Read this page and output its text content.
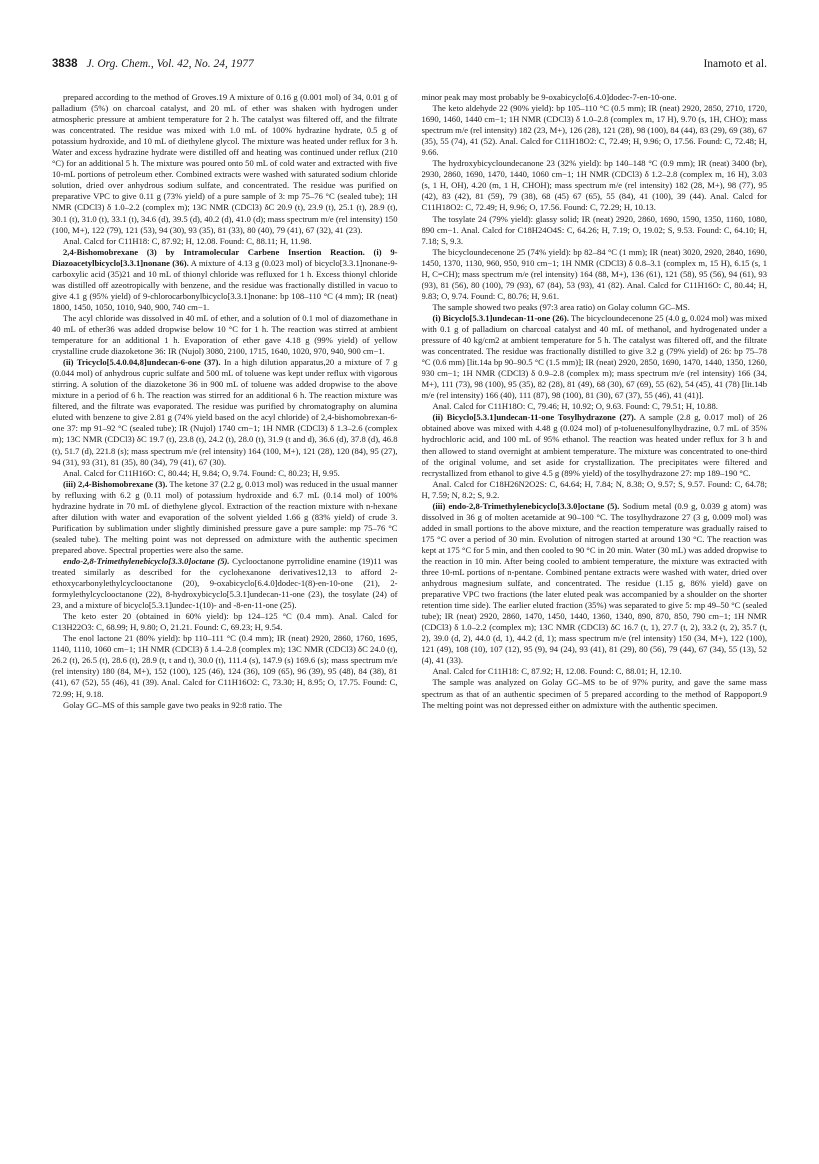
3838 J. Org. Chem., Vol. 42, No. 24, 1977	Inamoto et al.

prepared according to the method of Groves.19 A mixture of 0.16 g (0.001 mol) of 34, 0.01 g of palladium (5%) on charcoal catalyst, and 20 mL of ether was shaken with hydrogen under atmospheric pressure at ambient temperature for 2 h. The catalyst was filtered off, and the filtrate was concentrated. The residue was mixed with 1.0 mL of 100% hydrazine hydrate, 0.5 g of potassium hydroxide, and 10 mL of diethylene glycol. The mixture was heated under reflux for 3 h. Water and excess hydrazine hydrate were distilled off and heating was continued under reflux (210 °C) for an additional 5 h. The mixture was poured onto 50 mL of cold water and extracted with five 10-mL portions of petroleum ether. Combined extracts were washed with saturated sodium chloride solution, dried over anhydrous sodium sulfate, and concentrated. The residue was purified on preparative VPC to give 0.11 g (73% yield) of a pure sample of 3: mp 75–76 °C (sealed tube); 1H NMR (CDCl3) δ 1.0–2.2 (complex m); 13C NMR (CDCl3) δC 20.9 (t), 23.9 (t), 25.1 (t), 28.9 (t), 30.1 (t), 31.0 (t), 33.1 (t), 34.6 (d), 39.5 (d), 40.2 (d), 41.0 (d); mass spectrum m/e (rel intensity) 150 (100, M+), 122 (79), 121 (53), 94 (30), 93 (35), 81 (33), 80 (40), 79 (41), 67 (32), 41 (23).

Anal. Calcd for C11H18: C, 87.92; H, 12.08. Found: C, 88.11; H, 11.98.

2,4-Bishomobrexane (3) by Intramolecular Carbene Insertion Reaction. (i) 9-Diazoacetylbicyclo[3.3.1]nonane (36). A mixture of 4.13 g (0.023 mol) of bicyclo[3.3.1]nonane-9-carboxylic acid (35)21 and 10 mL of thionyl chloride was refluxed for 1 h. Excess thionyl chloride was distilled off azeotropically with benzene, and the residue was fractionally distilled in vacuo to give 4.1 g (95% yield) of 9-chlorocarbonylbicyclo[3.3.1]nonane: bp 108–110 °C (4 mm); IR (neat) 1800, 1450, 1050, 1010, 940, 900, 740 cm−1.

The acyl chloride was dissolved in 40 mL of ether, and a solution of 0.1 mol of diazomethane in 40 mL of ether36 was added dropwise below 10 °C for 1 h. The reaction was stirred at ambient temperature for an additional 1 h. Evaporation of ether gave 4.18 g (99% yield) of yellow crystalline crude diazoketone 36: IR (Nujol) 3080, 2100, 1715, 1640, 1020, 970, 940, 900 cm−1.

(ii) Tricyclo[5.4.0.04,8]undecan-6-one (37). In a high dilution apparatus,20 a mixture of 7 g (0.044 mol) of anhydrous cupric sulfate and 500 mL of toluene was kept under reflux with vigorous stirring. A solution of the diazoketone 36 in 900 mL of toluene was added dropwise to the above mixture in a period of 6 h. The reaction was stirred for an additional 6 h. The reaction mixture was filtered, and the filtrate was evaporated. The residue was purified by chromatography on alumina eluted with benzene to give 2.81 g (74% yield based on the acyl chloride) of 2,4-bishomobrexan-6-one 37: mp 91–92 °C (sealed tube); IR (Nujol) 1740 cm−1; 1H NMR (CDCl3) δ 1.3–2.6 (complex m); 13C NMR (CDCl3) δC 19.7 (t), 23.8 (t), 24.2 (t), 28.0 (t), 31.9 (t and d), 36.6 (d), 37.8 (d), 46.8 (t), 51.7 (d), 221.8 (s); mass spectrum m/e (rel intensity) 164 (100, M+), 121 (28), 120 (84), 95 (27), 94 (31), 93 (31), 81 (35), 80 (34), 79 (41), 67 (30).

Anal. Calcd for C11H16O: C, 80.44; H, 9.84; O, 9.74. Found: C, 80.23; H, 9.95.

(iii) 2,4-Bishomobrexane (3). The ketone 37 (2.2 g, 0.013 mol) was reduced in the usual manner by refluxing with 6.2 g (0.11 mol) of potassium hydroxide and 6.7 mL (0.14 mol) of 100% hydrazine hydrate in 70 mL of diethylene glycol. Extraction of the reaction mixture with n-hexane after dilution with water and evaporation of the solvent yielded 1.66 g (83% yield) of crude 3. Purification by sublimation under slightly diminished pressure gave a pure sample: mp 75–76 °C (sealed tube). The melting point was not depressed on admixture with the authentic specimen prepared above. Spectral properties were also the same.

endo-2,8-Trimethylenebicyclo[3.3.0]octane (5). Cyclooctanone pyrrolidine enamine (19)11 was treated similarly as described for the cyclohexanone derivatives12,13 to afford 2-ethoxycarbonylethylcyclooctanone (20), 9-oxabicyclo[6.4.0]dodec-1(8)-en-10-one (21), 2-formylethylcyclooctanone (22), 8-hydroxybicyclo[5.3.1]undecan-11-one (23), the tosylate (24) of 23, and a mixture of bicyclo[5.3.1]undec-1(10)- and -8-en-11-one (25).

The keto ester 20 (obtained in 60% yield): bp 124–125 °C (0.4 mm). Anal. Calcd for C13H22O3: C, 68.99; H, 9.80; O, 21.21. Found: C, 69.23; H, 9.54.

The enol lactone 21 (80% yield): bp 110–111 °C (0.4 mm); IR (neat) 2920, 2860, 1760, 1695, 1140, 1110, 1060 cm−1; 1H NMR (CDCl3) δ 1.4–2.8 (complex m); 13C NMR (CDCl3) δC 24.0 (t), 26.2 (t), 26.5 (t), 28.6 (t), 28.9 (t, t and t), 30.0 (t), 111.4 (s), 147.9 (s) 169.6 (s); mass spectrum m/e (rel intensity) 180 (84, M+), 152 (100), 125 (46), 124 (36), 109 (65), 96 (39), 95 (48), 84 (38), 81 (41), 67 (52), 55 (46), 41 (39). Anal. Calcd for C11H16O2: C, 73.30; H, 8.95; O, 17.75. Found: C, 72.99; H, 9.18.

Golay GC–MS of this sample gave two peaks in 92:8 ratio. The

minor peak may most probably be 9-oxabicyclo[6.4.0]dodec-7-en-10-one.

The keto aldehyde 22 (90% yield): bp 105–110 °C (0.5 mm); IR (neat) 2920, 2850, 2710, 1720, 1690, 1460, 1440 cm−1; 1H NMR (CDCl3) δ 1.0–2.8 (complex m, 17 H), 9.70 (s, 1H, CHO); mass spectrum m/e (rel intensity) 182 (23, M+), 126 (28), 121 (28), 98 (100), 84 (44), 83 (29), 69 (38), 67 (35), 55 (74), 41 (52). Anal. Calcd for C11H18O2: C, 72.49; H, 9.96; O, 17.56. Found: C, 72.48; H, 9.66.

The hydroxybicycloundecanone 23 (32% yield): bp 140–148 °C (0.9 mm); IR (neat) 3400 (br), 2930, 2860, 1690, 1470, 1440, 1060 cm−1; 1H NMR (CDCl3) δ 1.2–2.8 (complex m, 16 H), 3.03 (s, 1 H, OH), 4.20 (m, 1 H, CHOH); mass spectrum m/e (rel intensity) 182 (28, M+), 98 (77), 95 (42), 83 (42), 81 (59), 79 (38), 68 (45) 67 (65), 55 (84), 41 (100), 39 (44). Anal. Calcd for C11H18O2: C, 72.49; H, 9.96; O, 17.56. Found: C, 72.29; H, 10.13.

The tosylate 24 (79% yield): glassy solid; IR (neat) 2920, 2860, 1690, 1590, 1350, 1160, 1080, 890 cm−1. Anal. Calcd for C18H24O4S: C, 64.26; H, 7.19; O, 19.02; S, 9.53. Found: C, 64.10; H, 7.18; S, 9.3.

The bicycloundecenone 25 (74% yield): bp 82–84 °C (1 mm); IR (neat) 3020, 2920, 2840, 1690, 1450, 1370, 1130, 960, 950, 910 cm−1; 1H NMR (CDCl3) δ 0.8–3.1 (complex m, 15 H), 6.15 (s, 1 H, C=CH); mass spectrum m/e (rel intensity) 164 (88, M+), 136 (61), 121 (58), 95 (56), 94 (61), 93 (93), 81 (56), 80 (100), 79 (93), 67 (84), 53 (93), 41 (82). Anal. Calcd for C11H16O: C, 80.44; H, 9.83; O, 9.74. Found: C, 80.76; H, 9.61.

The sample showed two peaks (97:3 area ratio) on Golay column GC–MS.

(i) Bicyclo[5.3.1]undecan-11-one (26). The bicycloundecenone 25 (4.0 g, 0.024 mol) was mixed with 0.1 g of palladium on charcoal catalyst and 40 mL of methanol, and hydrogenated under a pressure of 40 kg/cm2 at ambient temperature for 5 h. The catalyst was filtered off, and the filtrate was concentrated. The residue was fractionally distilled to give 3.2 g (79% yield) of 26: bp 75–78 °C (0.6 mm) [lit.14a bp 90–90.5 °C (1.5 mm)]; IR (neat) 2920, 2850, 1690, 1470, 1440, 1350, 1260, 930 cm−1; 1H NMR (CDCl3) δ 0.9–2.8 (complex m); mass spectrum m/e (rel intensity) 166 (34, M+), 111 (73), 98 (100), 95 (35), 82 (28), 81 (49), 68 (30), 67 (69), 55 (62), 54 (45), 41 (78) [lit.14b m/e (rel intensity) 166 (40), 111 (87), 98 (100), 81 (30), 67 (37), 55 (46), 41 (41)].

Anal. Calcd for C11H18O: C, 79.46; H, 10.92; O, 9.63. Found: C, 79.51; H, 10.88.

(ii) Bicyclo[5.3.1]undecan-11-one Tosylhydrazone (27). A sample (2.8 g, 0.017 mol) of 26 obtained above was mixed with 4.48 g (0.024 mol) of p-toluenesulfonylhydrazine, 0.7 mL of 35% hydrochloric acid, and 100 mL of 95% ethanol. The reaction was heated under reflux for 3 h and then allowed to stand overnight at ambient temperature. The mixture was concentrated to one-third of the original volume, and set aside for crystallization. The precipitates were filtered and recrystallized from ethanol to give 4.5 g (89% yield) of the tosylhydrazone 27: mp 189–190 °C.

Anal. Calcd for C18H26N2O2S: C, 64.64; H, 7.84; N, 8.38; O, 9.57; S, 9.57. Found: C, 64.78; H, 7.59; N, 8.2; S, 9.2.

(iii) endo-2,8-Trimethylenebicyclo[3.3.0]octane (5). Sodium metal (0.9 g, 0.039 g atom) was dissolved in 36 g of molten acetamide at 90–100 °C. The tosylhydrazone 27 (3 g, 0.009 mol) was added in small portions to the above mixture, and the reaction temperature was gradually raised to 175 °C over a period of 30 min. Evolution of nitrogen started at around 130 °C. The reaction was kept at 175 °C for 5 min, and then cooled to 90 °C in 20 min. Water (30 mL) was added dropwise to the reaction in 10 min. After being cooled to ambient temperature, the mixture was extracted with three 10-mL portions of n-pentane. Combined pentane extracts were washed with water, dried over anhydrous magnesium sulfate, and concentrated. The residue (1.15 g, 86% yield) gave on preparative VPC two fractions (the later eluted peak was accompanied by a shoulder on the shorter retention time side). The earlier eluted fraction (35%) was separated to give 5: mp 49–50 °C (sealed tube); IR (neat) 2920, 2860, 1470, 1450, 1440, 1360, 1340, 890, 870, 850, 790 cm−1; 1H NMR (CDCl3) δ 1.0–2.2 (complex m); 13C NMR (CDCl3) δC 16.7 (t, 1), 27.7 (t, 2), 33.2 (t, 2), 35.7 (t, 2), 39.0 (d, 2), 44.0 (d, 1), 44.2 (d, 1); mass spectrum m/e (rel intensity) 150 (34, M+), 122 (100), 121 (49), 108 (10), 107 (12), 95 (9), 94 (24), 93 (41), 81 (29), 80 (56), 79 (44), 67 (34), 55 (13), 52 (4), 41 (33).

Anal. Calcd for C11H18: C, 87.92; H, 12.08. Found: C, 88.01; H, 12.10.

The sample was analyzed on Golay GC–MS to be of 97% purity, and gave the same mass spectrum as that of an authentic specimen of 5 prepared according to the method of Rappoport.9 The melting point was not depressed either on admixture with the authentic specimen.
